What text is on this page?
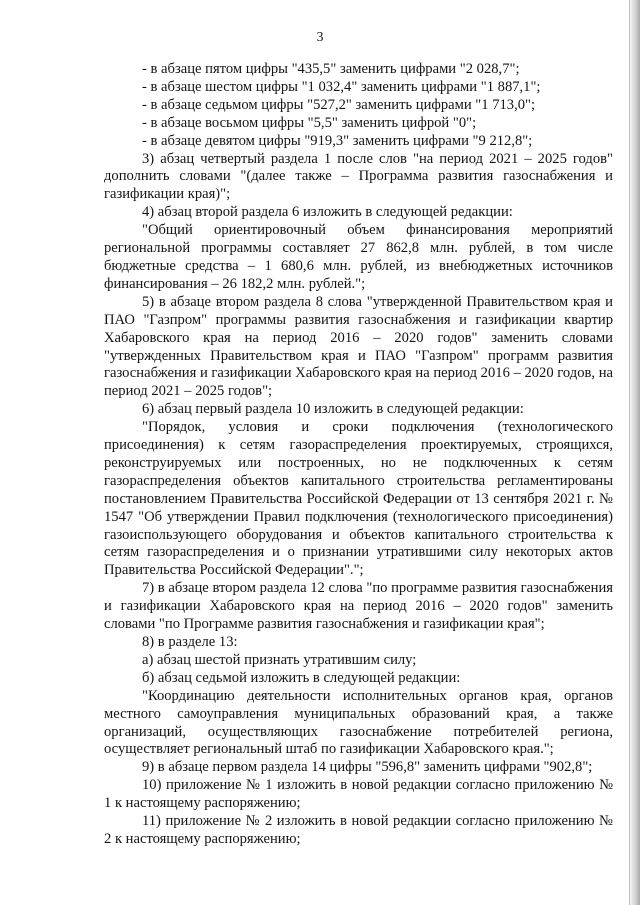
3

- в абзаце пятом цифры "435,5" заменить цифрами "2 028,7";

- в абзаце шестом цифры "1 032,4" заменить цифрами "1 887,1";

- в абзаце седьмом цифры "527,2" заменить цифрами "1 713,0";

- в абзаце восьмом цифры "5,5" заменить цифрой "0";

- в абзаце девятом цифры "919,3" заменить цифрами "9 212,8";

3) абзац четвертый раздела 1 после слов "на период 2021 – 2025 годов" дополнить словами "(далее также – Программа развития газоснабжения и газификации края)";

4) абзац второй раздела 6 изложить в следующей редакции:

"Общий ориентировочный объем финансирования мероприятий региональной программы составляет 27 862,8 млн. рублей, в том числе бюджетные средства – 1 680,6 млн. рублей, из внебюджетных источников финансирования – 26 182,2 млн. рублей.";

5) в абзаце втором раздела 8 слова "утвержденной Правительством края и ПАО "Газпром" программы развития газоснабжения и газификации квартир Хабаровского края на период 2016 – 2020 годов" заменить словами "утвержденных Правительством края и ПАО "Газпром" программ развития газоснабжения и газификации Хабаровского края на период 2016 – 2020 годов, на период 2021 – 2025 годов";

6) абзац первый раздела 10 изложить в следующей редакции:

"Порядок, условия и сроки подключения (технологического присоединения) к сетям газораспределения проектируемых, строящихся, реконструируемых или построенных, но не подключенных к сетям газораспределения объектов капитального строительства регламентированы постановлением Правительства Российской Федерации от 13 сентября 2021 г. № 1547 "Об утверждении Правил подключения (технологического присоединения) газоиспользующего оборудования и объектов капитального строительства к сетям газораспределения и о признании утратившими силу некоторых актов Правительства Российской Федерации".";

7) в абзаце втором раздела 12 слова "по программе развития газоснабжения и газификации Хабаровского края на период 2016 – 2020 годов" заменить словами "по Программе развития газоснабжения и газификации края";

8) в разделе 13:

а) абзац шестой признать утратившим силу;

б) абзац седьмой изложить в следующей редакции:

"Координацию деятельности исполнительных органов края, органов местного самоуправления муниципальных образований края, а также организаций, осуществляющих газоснабжение потребителей региона, осуществляет региональный штаб по газификации Хабаровского края.";

9) в абзаце первом раздела 14 цифры "596,8" заменить цифрами "902,8";

10) приложение № 1 изложить в новой редакции согласно приложению № 1 к настоящему распоряжению;

11) приложение № 2 изложить в новой редакции согласно приложению № 2 к настоящему распоряжению;
